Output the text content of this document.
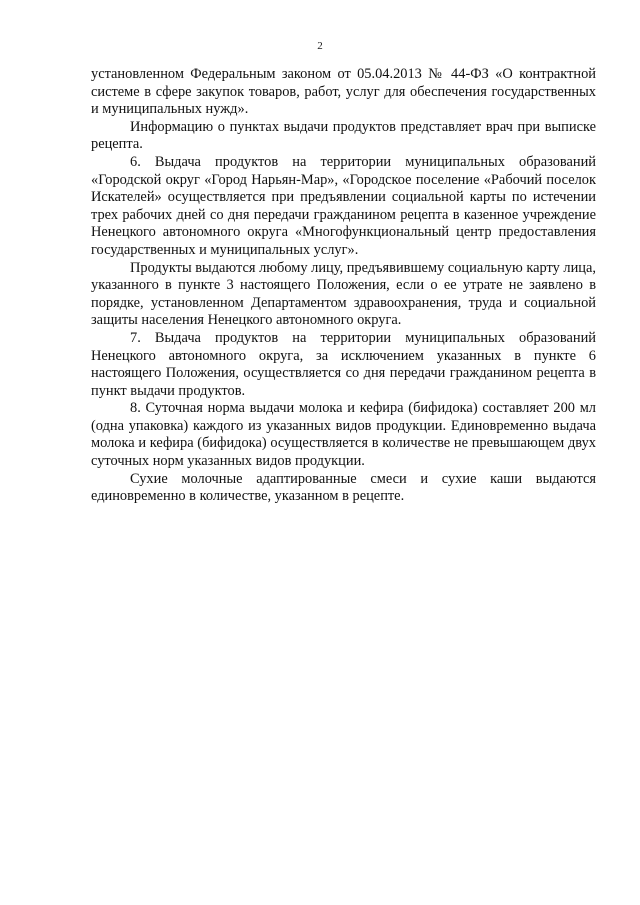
2

установленном Федеральным законом от 05.04.2013 № 44-ФЗ «О контрактной системе в сфере закупок товаров, работ, услуг для обеспечения государственных и муниципальных нужд».

Информацию о пунктах выдачи продуктов представляет врач при выписке рецепта.

6. Выдача продуктов на территории муниципальных образований «Городской округ «Город Нарьян-Мар», «Городское поселение «Рабочий поселок Искателей» осуществляется при предъявлении социальной карты по истечении трех рабочих дней со дня передачи гражданином рецепта в казенное учреждение Ненецкого автономного округа «Многофункциональный центр предоставления государственных и муниципальных услуг».

Продукты выдаются любому лицу, предъявившему социальную карту лица, указанного в пункте 3 настоящего Положения, если о ее утрате не заявлено в порядке, установленном Департаментом здравоохранения, труда и социальной защиты населения Ненецкого автономного округа.

7. Выдача продуктов на территории муниципальных образований Ненецкого автономного округа, за исключением указанных в пункте 6 настоящего Положения, осуществляется со дня передачи гражданином рецепта в пункт выдачи продуктов.

8. Суточная норма выдачи молока и кефира (бифидока) составляет 200 мл (одна упаковка) каждого из указанных видов продукции. Единовременно выдача молока и кефира (бифидока) осуществляется в количестве не превышающем двух суточных норм указанных видов продукции.

Сухие молочные адаптированные смеси и сухие каши выдаются единовременно в количестве, указанном в рецепте.
